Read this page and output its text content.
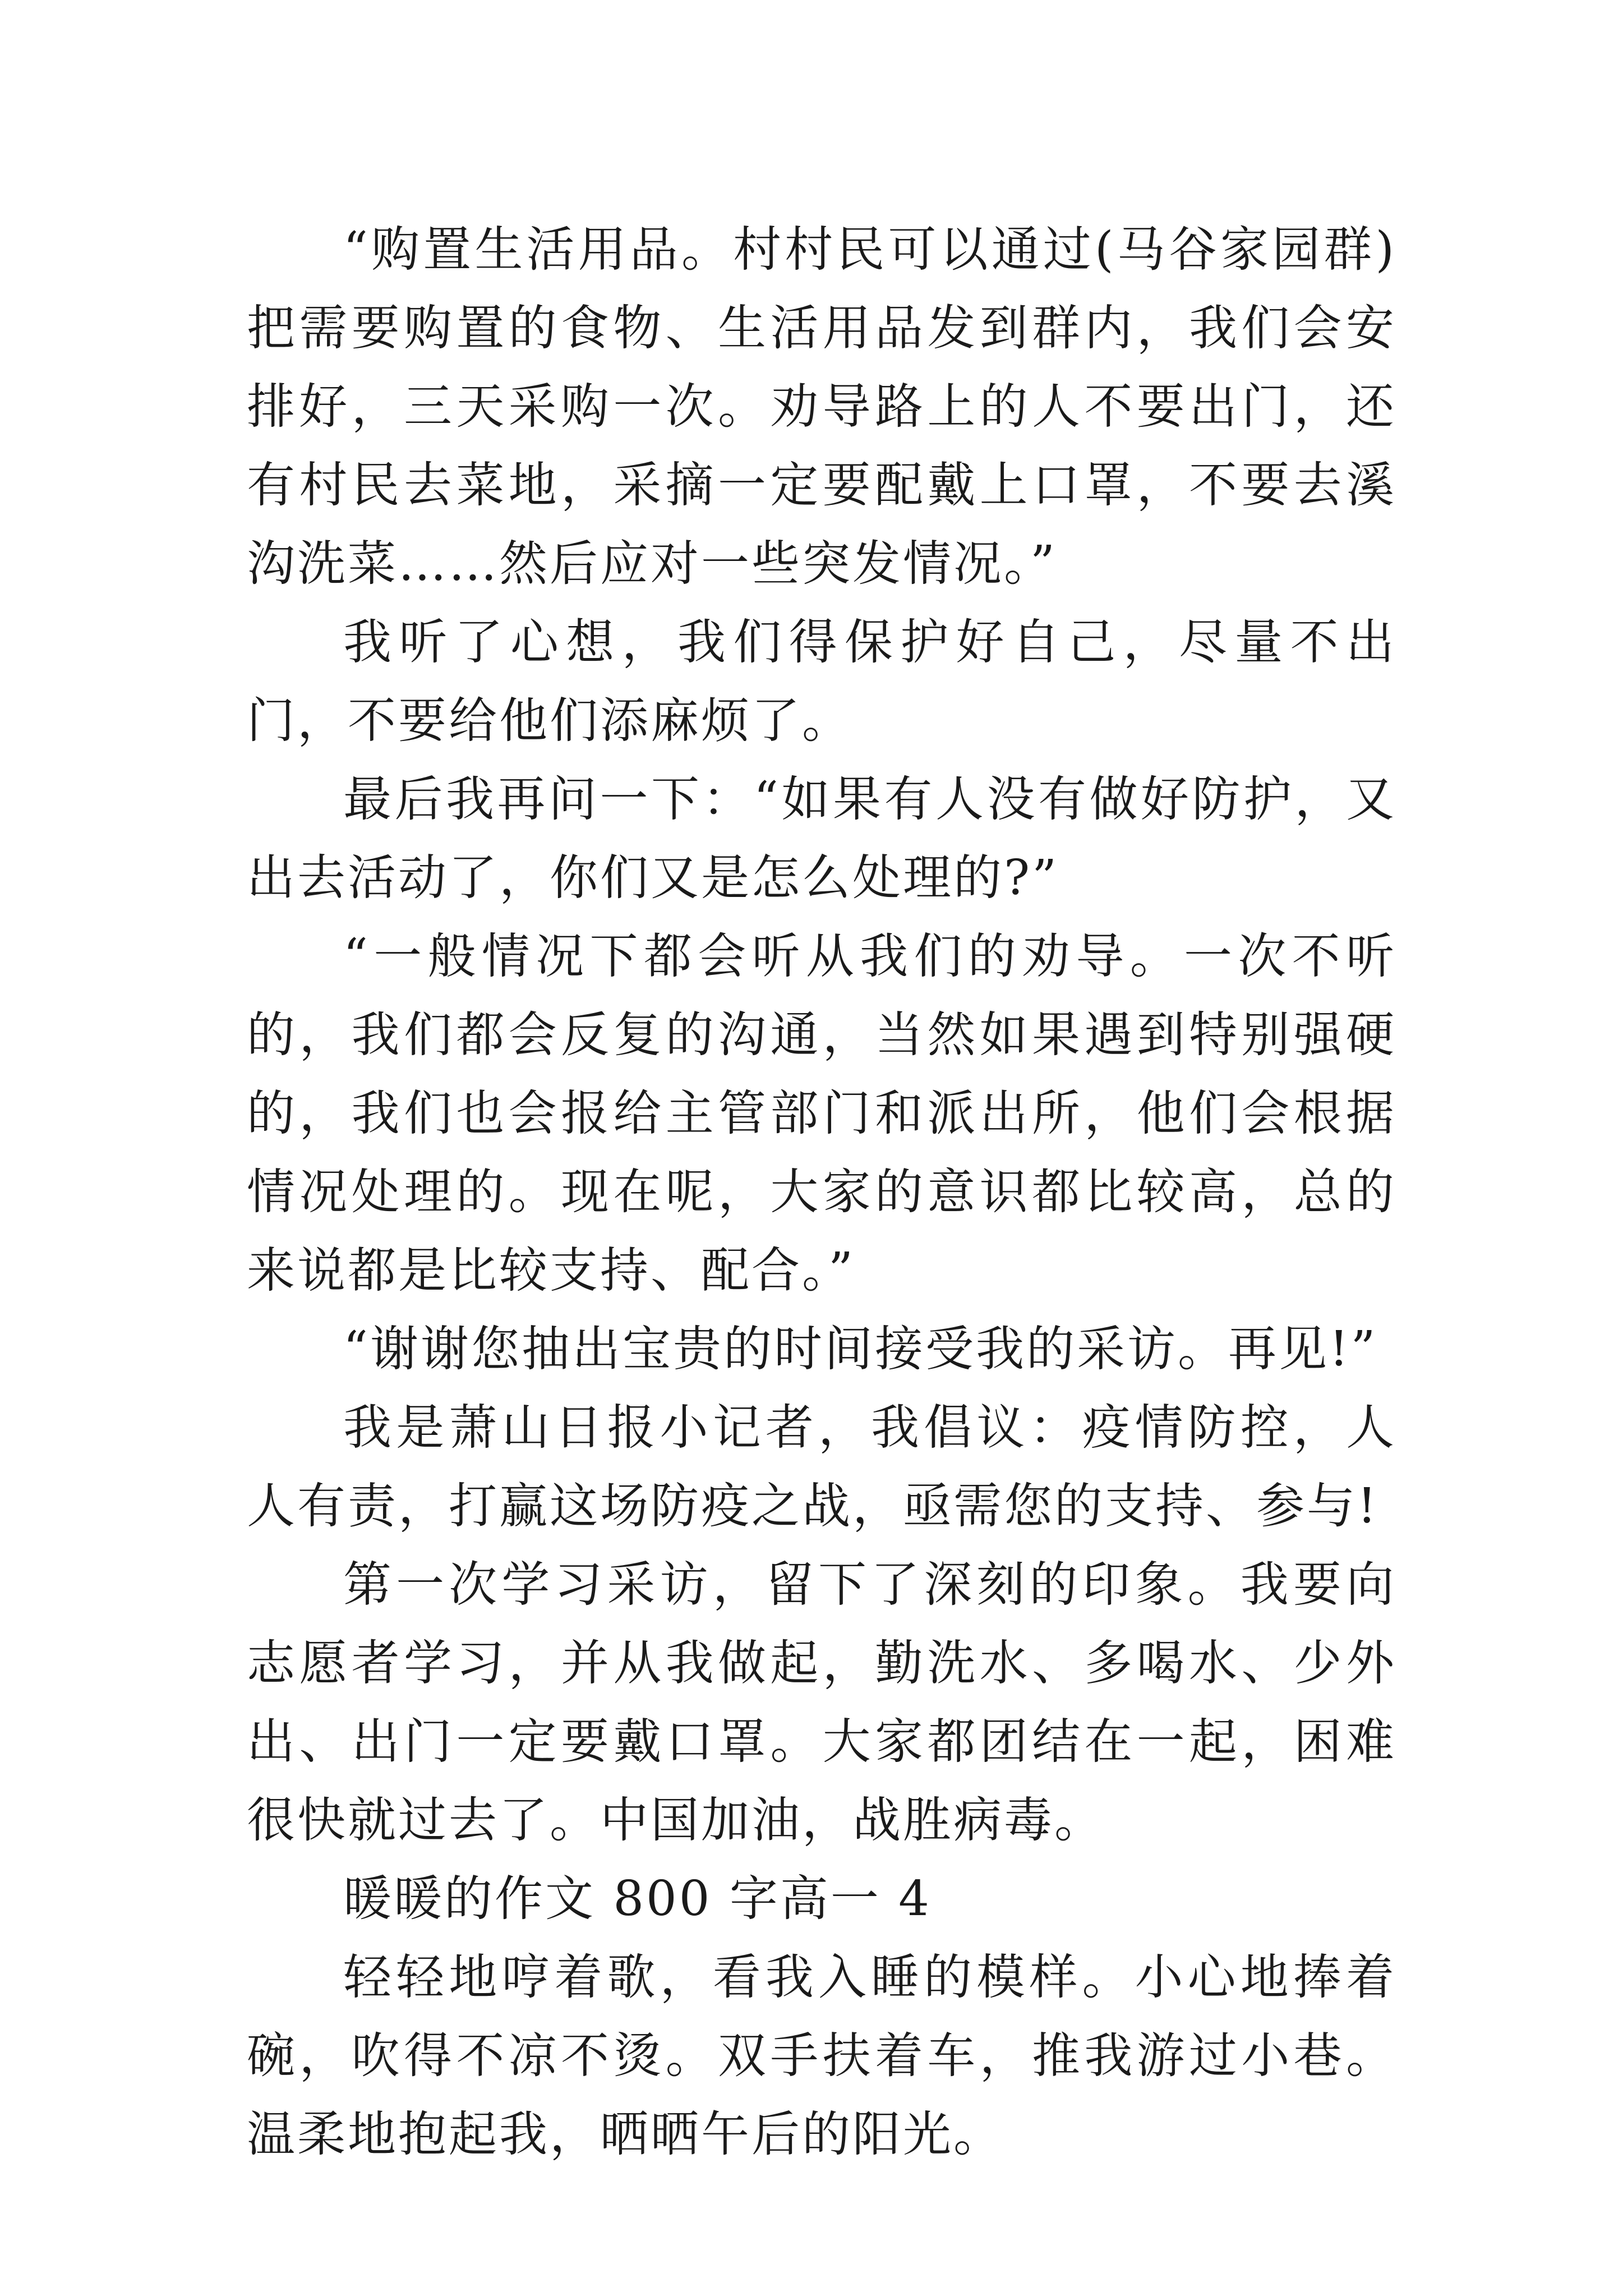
“购置生活用品。村村民可以通过(马谷家园群)把需要购置的食物、生活用品发到群内，我们会安排好，三天采购一次。劝导路上的人不要出门，还有村民去菜地，采摘一定要配戴上口罩，不要去溪沟洗菜……然后应对一些突发情况。”

我听了心想，我们得保护好自己，尽量不出门，不要给他们添麻烦了。

最后我再问一下：“如果有人没有做好防护，又出去活动了，你们又是怎么处理的?”

“一般情况下都会听从我们的劝导。一次不听的，我们都会反复的沟通，当然如果遇到特别强硬的，我们也会报给主管部门和派出所，他们会根据情况处理的。现在呢，大家的意识都比较高，总的来说都是比较支持、配合。”

“谢谢您抽出宝贵的时间接受我的采访。再见!”

我是萧山日报小记者，我倡议：疫情防控，人人有责，打赢这场防疫之战，亟需您的支持、参与!

第一次学习采访，留下了深刻的印象。我要向志愿者学习，并从我做起，勤洗水、多喝水、少外出、出门一定要戴口罩。大家都团结在一起，困难很快就过去了。中国加油，战胜病毒。

暖暖的作文 800 字高一 4

轻轻地哼着歌，看我入睡的模样。小心地捧着碗，吹得不凉不烫。双手扶着车，推我游过小巷。温柔地抱起我，晒晒午后的阳光。
